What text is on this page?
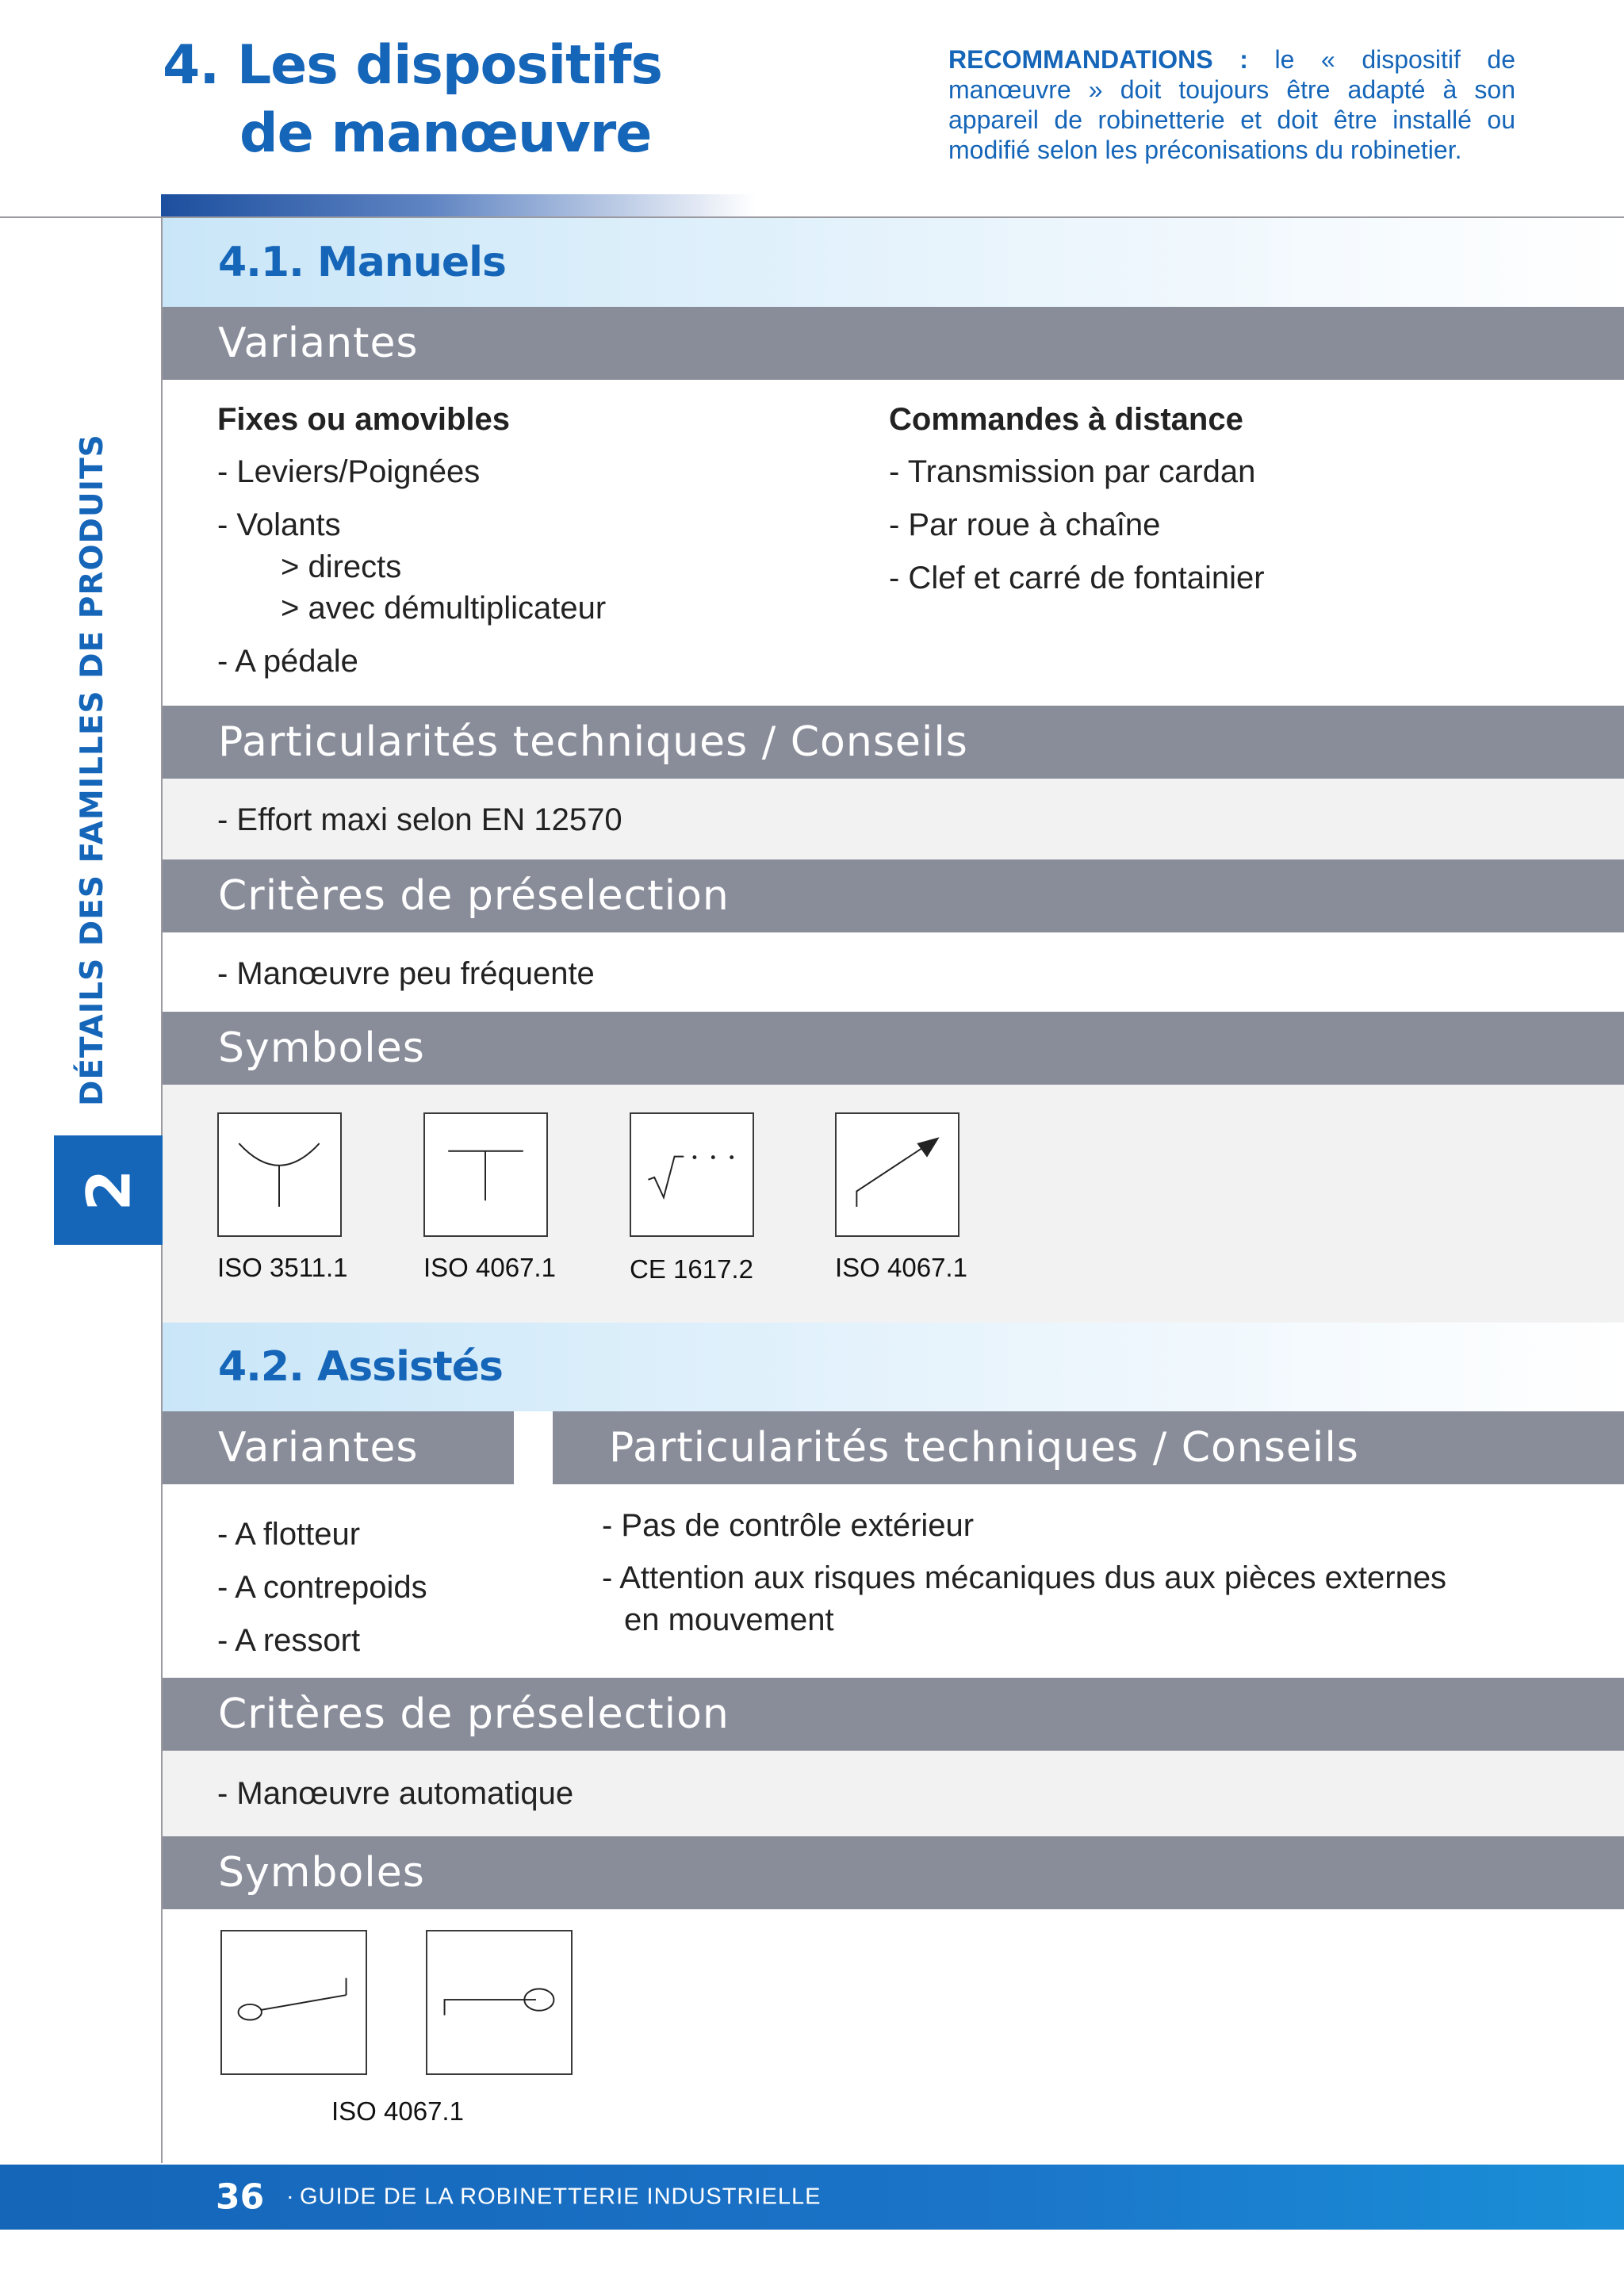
4. Les dispositifs
de manœuvre
RECOMMANDATIONS : le « dispositif de manœuvre » doit toujours être adapté à son appareil de robinetterie et doit être installé ou modifié selon les préconisations du robinetier.
DÉTAILS DES FAMILLES DE PRODUITS
2
4.1. Manuels
Variantes
Fixes ou amovibles
- Leviers/Poignées
- Volants
> directs
> avec démultiplicateur
- A pédale
Commandes à distance
- Transmission par cardan
- Par roue à chaîne
- Clef et carré de fontainier
Particularités techniques / Conseils
- Effort maxi selon EN 12570
Critères de préselection
- Manœuvre peu fréquente
Symboles
ISO 3511.1	ISO 4067.1	CE 1617.2	ISO 4067.1
4.2. Assistés
Variantes	Particularités techniques / Conseils
- A flotteur
- A contrepoids
- A ressort
- Pas de contrôle extérieur
- Attention aux risques mécaniques dus aux pièces externes
en mouvement
Critères de préselection
- Manœuvre automatique
Symboles
ISO 4067.1
36 · GUIDE DE LA ROBINETTERIE INDUSTRIELLE
